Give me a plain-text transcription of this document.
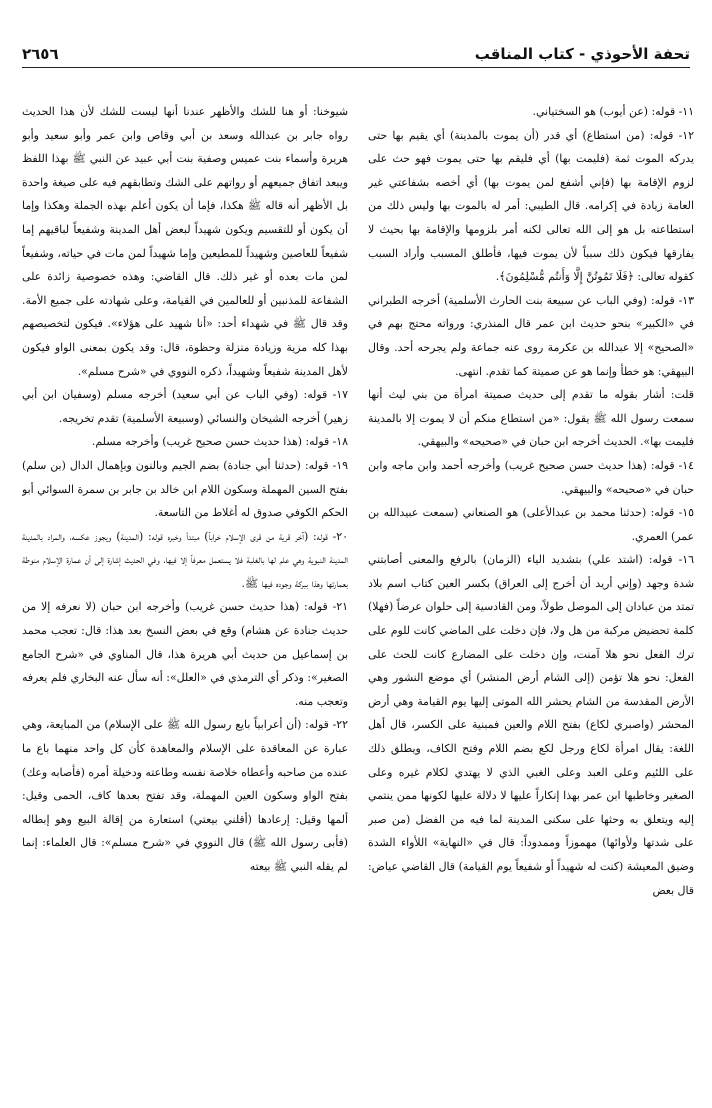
تحفة الأحوذي - كتاب المناقب
٢٦٥٦

١١- قوله: (عن أيوب) هو السختياني.

١٢- قوله: (من استطاع) أي قدر (أن يموت بالمدينة) أي يقيم بها حتى يدركه الموت ثمة (فليمت بها) أي فليقم بها حتى يموت فهو حث على لزوم الإقامة بها (فإني أشفع لمن يموت بها) أي أخصه بشفاعتي غير العامة زيادة في إكرامه. قال الطيبي: أمر له بالموت بها وليس ذلك من استطاعته بل هو إلى الله تعالى لكنه أمر بلزومها والإقامة بها بحيث لا يفارقها فيكون ذلك سبباً لأن يموت فيها، فأطلق المسبب وأراد السبب كقوله تعالى: ﴿فَلَا تَمُوتُنَّ إِلَّا وَأَنتُم مُّسْلِمُونَ﴾.

١٣- قوله: (وفي الباب عن سبيعة بنت الحارث الأسلمية) أخرجه الطبراني في «الكبير» بنحو حديث ابن عمر قال المنذري: ورواته محتج بهم في «الصحيح» إلا عبدالله بن عكرمة روى عنه جماعة ولم يجرحه أحد. وقال البيهقي: هو خطأ وإنما هو عن صميتة كما تقدم. انتهى.

قلت: أشار بقوله ما تقدم إلى حديث صميتة امرأة من بني ليث أنها سمعت رسول الله ﷺ يقول: «من استطاع منكم أن لا يموت إلا بالمدينة فليمت بها». الحديث أخرجه ابن حبان في «صحيحه» والبيهقي.

١٤- قوله: (هذا حديث حسن صحيح غريب) وأخرجه أحمد وابن ماجه وابن حبان في «صحيحه» والبيهقي.

١٥- قوله: (حدثنا محمد بن عبدالأعلى) هو الصنعاني (سمعت عبيدالله بن عمر) العمري.

١٦- قوله: (اشتد علي) بتشديد الياء (الزمان) بالرفع والمعنى أصابتني شدة وجهد (وإني أريد أن أخرج إلى العراق) بكسر العين كتاب اسم بلاد تمتد من عبادان إلى الموصل طولاً، ومن القادسية إلى حلوان عرضاً (فهلا) كلمة تحضيض مركبة من هل ولا، فإن دخلت على الماضي كانت للوم على ترك الفعل نحو هلا آمنت، وإن دخلت على المضارع كانت للحث على الفعل: نحو هلا تؤمن (إلى الشام أرض المنشر) أي موضع النشور وهي الأرض المقدسة من الشام يحشر الله الموتى إليها يوم القيامة وهي أرض المحشر (واصبري لكاع) بفتح اللام والعين فمبنية على الكسر، قال أهل اللغة: يقال امرأة لكاع ورجل لكع بضم اللام وفتح الكاف، ويطلق ذلك على اللئيم وعلى العبد وعلى الغبي الذي لا يهتدي لكلام غيره وعلى الصغير وخاطبها ابن عمر بهذا إنكاراً عليها لا دلالة عليها لكونها ممن ينتمي إليه ويتعلق به وحثها على سكنى المدينة لما فيه من الفضل (من صبر على شدتها ولأوائها) مهموزاً وممدوداً: قال في «النهاية» اللأواء الشدة وضيق المعيشة (كنت له شهيداً أو شفيعاً يوم القيامة) قال القاضي عياض: قال بعض

شيوخنا: أو هنا للشك والأظهر عندنا أنها ليست للشك لأن هذا الحديث رواه جابر بن عبدالله وسعد بن أبي وقاص وابن عمر وأبو سعيد وأبو هريرة وأسماء بنت عميس وصفية بنت أبي عبيد عن النبي ﷺ بهذا اللفظ ويبعد اتفاق جميعهم أو رواتهم على الشك وتطابقهم فيه على صيغة واحدة بل الأظهر أنه قاله ﷺ هكذا، فإما أن يكون أعلم بهذه الجملة وهكذا وإما أن يكون أو للتقسيم ويكون شهيداً لبعض أهل المدينة وشفيعاً لباقيهم إما شفيعاً للعاصين وشهيداً للمطيعين وإما شهيداً لمن مات في حياته، وشفيعاً لمن مات بعده أو غير ذلك. قال القاضي: وهذه خصوصية زائدة على الشفاعة للمذنبين أو للعالمين في القيامة، وعلى شهادته على جميع الأمة. وقد قال ﷺ في شهداء أحد: «أنا شهيد على هؤلاء». فيكون لتخصيصهم بهذا كله مزية وزيادة منزلة وحظوة، قال: وقد يكون بمعنى الواو فيكون لأهل المدينة شفيعاً وشهيداً، ذكره النووي في «شرح مسلم».

١٧- قوله: (وفي الباب عن أبي سعيد) أخرجه مسلم (وسفيان ابن أبي زهير) أخرجه الشيخان والنسائي (وسبيعة الأسلمية) تقدم تخريجه.

١٨- قوله: (هذا حديث حسن صحيح غريب) وأخرجه مسلم.

١٩- قوله: (حدثنا أبي جنادة) بضم الجيم وبالنون وبإهمال الدال (بن سلم) بفتح السين المهملة وسكون اللام ابن خالد بن جابر بن سمرة السوائي أبو الحكم الكوفي صدوق له أغلاط من التاسعة.

٢٠- قوله: (آخر قرية من قرى الإسلام خراباً) مبتدأ وخبره قوله: (المدينة) ويجوز عكسه، والمراد بالمدينة المدينة النبوية وهي علم لها بالغلبة فلا يستعمل معرفاً إلا فيها، وفي الحديث إشارة إلى أن عمارة الإسلام منوطة بعمارتها وهذا ببركة وجوده فيها ﷺ.

٢١- قوله: (هذا حديث حسن غريب) وأخرجه ابن حبان (لا نعرفه إلا من حديث جنادة عن هشام) وقع في بعض النسخ بعد هذا: قال: تعجب محمد بن إسماعيل من حديث أبي هريرة هذا، قال المناوي في «شرح الجامع الصغير»: وذكر أي الترمذي في «العلل»: أنه سأل عنه البخاري فلم يعرفه وتعجب منه.

٢٢- قوله: (أن أعرابياً بايع رسول الله ﷺ على الإسلام) من المبايعة، وهي عبارة عن المعاقدة على الإسلام والمعاهدة كأن كل واحد منهما باع ما عنده من صاحبه وأعطاه خلاصة نفسه وطاعته ودخيلة أمره (فأصابه وعك) بفتح الواو وسكون العين المهملة، وقد تفتح بعدها كاف، الحمى وقيل: ألمها وقيل: إرعادها (أقلني بيعتي) استعارة من إقالة البيع وهو إبطاله (فأبى رسول الله ﷺ) قال النووي في «شرح مسلم»: قال العلماء: إنما لم يقله النبي ﷺ بيعته
